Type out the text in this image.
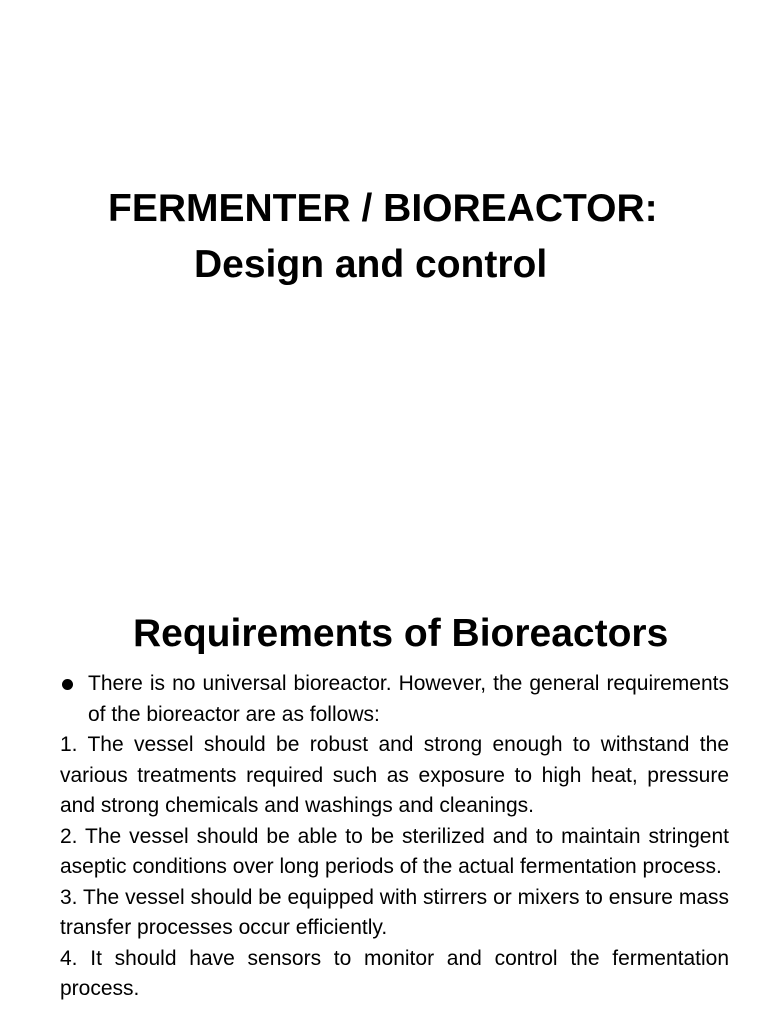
FERMENTER / BIOREACTOR:
Design and control
Requirements of Bioreactors
There is no universal bioreactor. However, the general requirements of the bioreactor are as follows:

1. The vessel should be robust and strong enough to withstand the various treatments required such as exposure to high heat, pressure and strong chemicals and washings and cleanings.

2. The vessel should be able to be sterilized and to maintain stringent aseptic conditions over long periods of the actual fermentation process.

3. The vessel should be equipped with stirrers or mixers to ensure mass transfer processes occur efficiently.

4. It should have sensors to monitor and control the fermentation process.
